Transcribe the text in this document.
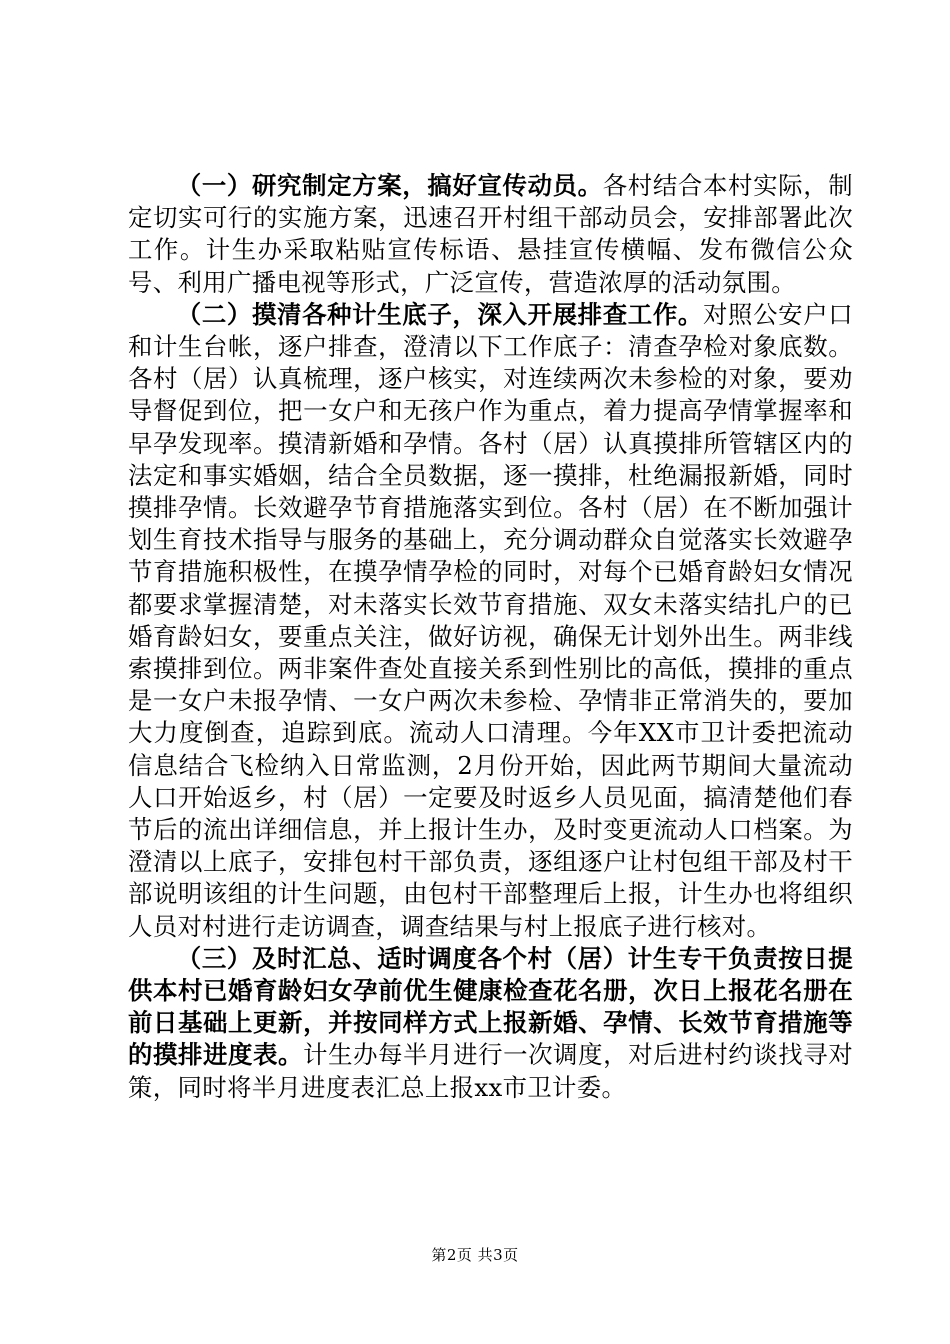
（一）研究制定方案，搞好宣传动员。各村结合本村实际，制定切实可行的实施方案，迅速召开村组干部动员会，安排部署此次工作。计生办采取粘贴宣传标语、悬挂宣传横幅、发布微信公众号、利用广播电视等形式，广泛宣传，营造浓厚的活动氛围。

（二）摸清各种计生底子，深入开展排查工作。对照公安户口和计生台帐，逐户排查，澄清以下工作底子：清查孕检对象底数。各村（居）认真梳理，逐户核实，对连续两次未参检的对象，要劝导督促到位，把一女户和无孩户作为重点，着力提高孕情掌握率和早孕发现率。摸清新婚和孕情。各村（居）认真摸排所管辖区内的法定和事实婚姻，结合全员数据，逐一摸排，杜绝漏报新婚，同时摸排孕情。长效避孕节育措施落实到位。各村（居）在不断加强计划生育技术指导与服务的基础上，充分调动群众自觉落实长效避孕节育措施积极性，在摸孕情孕检的同时，对每个已婚育龄妇女情况都要求掌握清楚，对未落实长效节育措施、双女未落实结扎户的已婚育龄妇女，要重点关注，做好访视，确保无计划外出生。两非线索摸排到位。两非案件查处直接关系到性别比的高低，摸排的重点是一女户未报孕情、一女户两次未参检、孕情非正常消失的，要加大力度倒查，追踪到底。流动人口清理。今年XX市卫计委把流动信息结合飞检纳入日常监测，2月份开始，因此两节期间大量流动人口开始返乡，村（居）一定要及时返乡人员见面，搞清楚他们春节后的流出详细信息，并上报计生办，及时变更流动人口档案。为澄清以上底子，安排包村干部负责，逐组逐户让村包组干部及村干部说明该组的计生问题，由包村干部整理后上报，计生办也将组织人员对村进行走访调查，调查结果与村上报底子进行核对。

（三）及时汇总、适时调度各个村（居）计生专干负责按日提供本村已婚育龄妇女孕前优生健康检查花名册，次日上报花名册在前日基础上更新，并按同样方式上报新婚、孕情、长效节育措施等的摸排进度表。计生办每半月进行一次调度，对后进村约谈找寻对策，同时将半月进度表汇总上报xx市卫计委。

第2页 共3页
